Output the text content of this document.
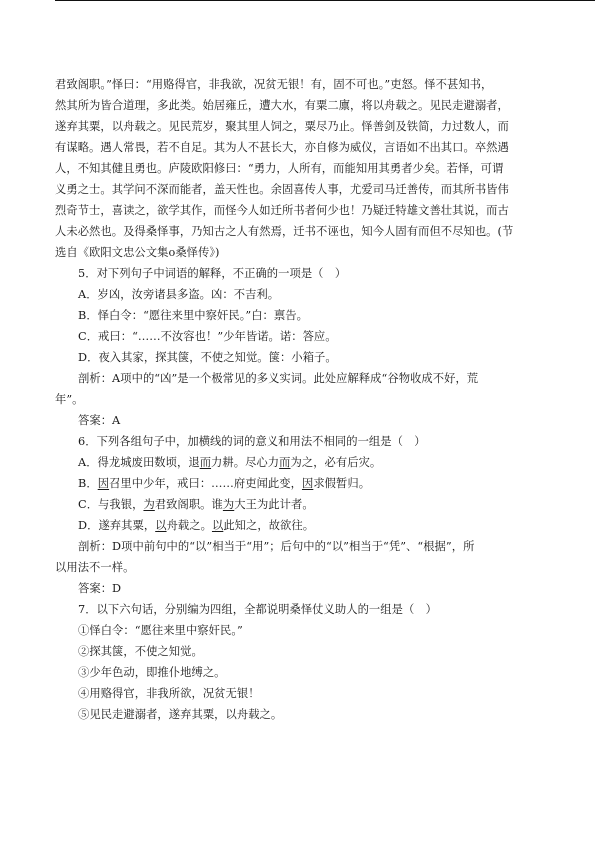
君致阁职。”怿曰：“用赂得官，非我欲，况贫无银！有，固不可也。”吏怒。怿不甚知书，

然其所为皆合道理，多此类。始居雍丘，遭大水，有粟二廪，将以舟载之。见民走避溺者，

遂弃其粟，以舟载之。见民荒岁，聚其里人饲之，粟尽乃止。怿善剑及铁简，力过数人，而

有谋略。遇人常畏，若不自足。其为人不甚长大，亦自修为威仪，言语如不出其口。卒然遇

人，不知其健且勇也。庐陵欧阳修曰：“勇力，人所有，而能知用其勇者少矣。若怿，可谓

义勇之士。其学问不深而能者，盖天性也。余固喜传人事，尤爱司马迁善传，而其所书皆伟

烈奇节士，喜读之，欲学其作，而怪今人如迁所书者何少也！乃疑迁特雄文善壮其说，而古

人未必然也。及得桑怿事，乃知古之人有然焉，迁书不诬也，知今人固有而但不尽知也。(节

选自《欧阳文忠公文集o桑怿传》)

5．对下列句子中词语的解释，不正确的一项是（　）

A．岁凶，汝旁诸县多盗。凶：不吉利。

B．怿白令：“愿往来里中察奸民。”白：禀告。

C．戒曰：“……不汝容也！”少年皆诺。诺：答应。

D．夜入其家，探其箧，不使之知觉。箧：小箱子。

剖析：A项中的“凶”是一个极常见的多义实词。此处应解释成“谷物收成不好，荒

年”。

答案：A

6．下列各组句子中，加横线的词的意义和用法不相同的一组是（　）

A．得龙城废田数顷，退而力耕。尽心力而为之，必有后灾。

B．因召里中少年，戒曰：……府吏闻此变，因求假暂归。

C．与我银，为君致阁职。谁为大王为此计者。

D．遂弃其粟，以舟载之。以此知之，故欲往。

剖析：D项中前句中的“以”相当于“用”；后句中的“以”相当于“凭”、“根据”，所

以用法不一样。

答案：D

7．以下六句话，分别编为四组，全都说明桑怿仗义助人的一组是（　）

①怿白令：“愿往来里中察奸民。”

②探其箧，不使之知觉。

③少年色动，即推仆地缚之。

④用赂得官，非我所欲，况贫无银！

⑤见民走避溺者，遂弃其粟，以舟载之。
